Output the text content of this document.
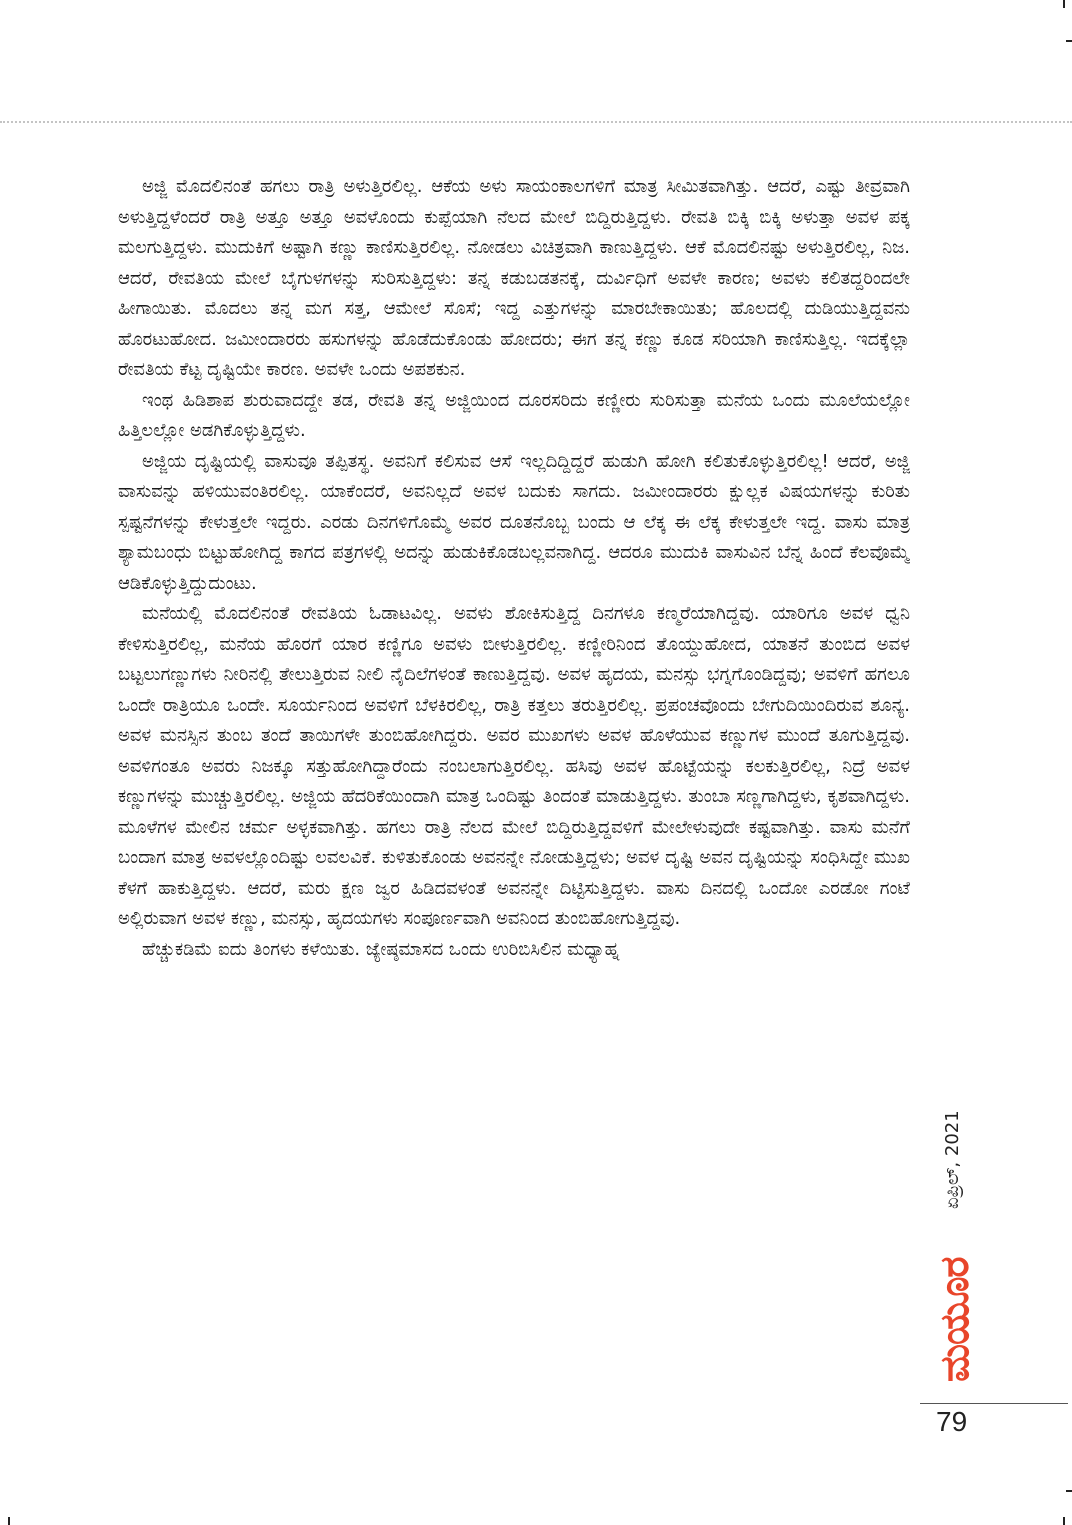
ಅಜ್ಜಿ ಮೊದಲಿನಂತೆ ಹಗಲು ರಾತ್ರಿ ಅಳುತ್ತಿರಲಿಲ್ಲ. ಆಕೆಯ ಅಳು ಸಾಯಂಕಾಲಗಳಿಗೆ ಮಾತ್ರ ಸೀಮಿತವಾಗಿತ್ತು. ಆದರೆ, ಎಷ್ಟು ತೀವ್ರವಾಗಿ ಅಳುತ್ತಿದ್ದಳೆಂದರೆ ರಾತ್ರಿ ಅತ್ತೂ ಅತ್ತೂ ಅವಳೊಂದು ಕುಪ್ಪೆಯಾಗಿ ನೆಲದ ಮೇಲೆ ಬಿದ್ದಿರುತ್ತಿದ್ದಳು. ರೇವತಿ ಬಿಕ್ಕಿ ಬಿಕ್ಕಿ ಅಳುತ್ತಾ ಅವಳ ಪಕ್ಕ ಮಲಗುತ್ತಿದ್ದಳು. ಮುದುಕಿಗೆ ಅಷ್ಟಾಗಿ ಕಣ್ಣು ಕಾಣಿಸುತ್ತಿರಲಿಲ್ಲ. ನೋಡಲು ವಿಚಿತ್ರವಾಗಿ ಕಾಣುತ್ತಿದ್ದಳು. ಆಕೆ ಮೊದಲಿನಷ್ಟು ಅಳುತ್ತಿರಲಿಲ್ಲ, ನಿಜ. ಆದರೆ, ರೇವತಿಯ ಮೇಲೆ ಬೈಗುಳಗಳನ್ನು ಸುರಿಸುತ್ತಿದ್ದಳು: ತನ್ನ ಕಡುಬಡತನಕ್ಕೆ, ದುರ್ವಿಧಿಗೆ ಅವಳೇ ಕಾರಣ; ಅವಳು ಕಲಿತದ್ದರಿಂದಲೇ ಹೀಗಾಯಿತು. ಮೊದಲು ತನ್ನ ಮಗ ಸತ್ತ, ಆಮೇಲೆ ಸೊಸೆ; ಇದ್ದ ಎತ್ತುಗಳನ್ನು ಮಾರಬೇಕಾಯಿತು; ಹೊಲದಲ್ಲಿ ದುಡಿಯುತ್ತಿದ್ದವನು ಹೊರಟುಹೋದ. ಜಮೀಂದಾರರು ಹಸುಗಳನ್ನು ಹೊಡೆದುಕೊಂಡು ಹೋದರು; ಈಗ ತನ್ನ ಕಣ್ಣು ಕೂಡ ಸರಿಯಾಗಿ ಕಾಣಿಸುತ್ತಿಲ್ಲ. ಇದಕ್ಕೆಲ್ಲಾ ರೇವತಿಯ ಕೆಟ್ಟ ದೃಷ್ಟಿಯೇ ಕಾರಣ. ಅವಳೇ ಒಂದು ಅಪಶಕುನ.

ಇಂಥ ಹಿಡಿಶಾಪ ಶುರುವಾದದ್ದೇ ತಡ, ರೇವತಿ ತನ್ನ ಅಜ್ಜಿಯಿಂದ ದೂರಸರಿದು ಕಣ್ಣೀರು ಸುರಿಸುತ್ತಾ ಮನೆಯ ಒಂದು ಮೂಲೆಯಲ್ಲೋ ಹಿತ್ತಿಲಲ್ಲೋ ಅಡಗಿಕೊಳ್ಳುತ್ತಿದ್ದಳು.

ಅಜ್ಜಿಯ ದೃಷ್ಟಿಯಲ್ಲಿ ವಾಸುವೂ ತಪ್ಪಿತಸ್ಥ. ಅವನಿಗೆ ಕಲಿಸುವ ಆಸೆ ಇಲ್ಲದಿದ್ದಿದ್ದರೆ ಹುಡುಗಿ ಹೋಗಿ ಕಲಿತುಕೊಳ್ಳುತ್ತಿರಲಿಲ್ಲ! ಆದರೆ, ಅಜ್ಜಿ ವಾಸುವನ್ನು ಹಳಿಯುವಂತಿರಲಿಲ್ಲ. ಯಾಕೆಂದರೆ, ಅವನಿಲ್ಲದೆ ಅವಳ ಬದುಕು ಸಾಗದು. ಜಮೀಂದಾರರು ಕ್ಷುಲ್ಲಕ ವಿಷಯಗಳನ್ನು ಕುರಿತು ಸ್ಪಷ್ಟನೆಗಳನ್ನು ಕೇಳುತ್ತಲೇ ಇದ್ದರು. ಎರಡು ದಿನಗಳಿಗೊಮ್ಮೆ ಅವರ ದೂತನೊಬ್ಬ ಬಂದು ಆ ಲೆಕ್ಕ ಈ ಲೆಕ್ಕ ಕೇಳುತ್ತಲೇ ಇದ್ದ. ವಾಸು ಮಾತ್ರ ಶ್ಯಾಮಬಂಧು ಬಿಟ್ಟುಹೋಗಿದ್ದ ಕಾಗದ ಪತ್ರಗಳಲ್ಲಿ ಅದನ್ನು ಹುಡುಕಿಕೊಡಬಲ್ಲವನಾಗಿದ್ದ. ಆದರೂ ಮುದುಕಿ ವಾಸುವಿನ ಬೆನ್ನ ಹಿಂದೆ ಕೆಲವೊಮ್ಮೆ ಆಡಿಕೊಳ್ಳುತ್ತಿದ್ದುದುಂಟು.

ಮನೆಯಲ್ಲಿ ಮೊದಲಿನಂತೆ ರೇವತಿಯ ಓಡಾಟವಿಲ್ಲ. ಅವಳು ಶೋಕಿಸುತ್ತಿದ್ದ ದಿನಗಳೂ ಕಣ್ಮರೆಯಾಗಿದ್ದವು. ಯಾರಿಗೂ ಅವಳ ಧ್ವನಿ ಕೇಳಿಸುತ್ತಿರಲಿಲ್ಲ, ಮನೆಯ ಹೊರಗೆ ಯಾರ ಕಣ್ಣಿಗೂ ಅವಳು ಬೀಳುತ್ತಿರಲಿಲ್ಲ. ಕಣ್ಣೀರಿನಿಂದ ತೊಯ್ದುಹೋದ, ಯಾತನೆ ತುಂಬಿದ ಅವಳ ಬಟ್ಟಲುಗಣ್ಣುಗಳು ನೀರಿನಲ್ಲಿ ತೇಲುತ್ತಿರುವ ನೀಲಿ ನೈದಿಲೆಗಳಂತೆ ಕಾಣುತ್ತಿದ್ದವು. ಅವಳ ಹೃದಯ, ಮನಸ್ಸು ಭಗ್ನಗೊಂಡಿದ್ದವು; ಅವಳಿಗೆ ಹಗಲೂ ಒಂದೇ ರಾತ್ರಿಯೂ ಒಂದೇ. ಸೂರ್ಯನಿಂದ ಅವಳಿಗೆ ಬೆಳಕಿರಲಿಲ್ಲ, ರಾತ್ರಿ ಕತ್ತಲು ತರುತ್ತಿರಲಿಲ್ಲ. ಪ್ರಪಂಚವೊಂದು ಬೇಗುದಿಯಿಂದಿರುವ ಶೂನ್ಯ. ಅವಳ ಮನಸ್ಸಿನ ತುಂಬ ತಂದೆ ತಾಯಿಗಳೇ ತುಂಬಿಹೋಗಿದ್ದರು. ಅವರ ಮುಖಗಳು ಅವಳ ಹೊಳೆಯುವ ಕಣ್ಣುಗಳ ಮುಂದೆ ತೂಗುತ್ತಿದ್ದವು. ಅವಳಿಗಂತೂ ಅವರು ನಿಜಕ್ಕೂ ಸತ್ತುಹೋಗಿದ್ದಾರೆಂದು ನಂಬಲಾಗುತ್ತಿರಲಿಲ್ಲ. ಹಸಿವು ಅವಳ ಹೊಟ್ಟೆಯನ್ನು ಕಲಕುತ್ತಿರಲಿಲ್ಲ, ನಿದ್ರೆ ಅವಳ ಕಣ್ಣುಗಳನ್ನು ಮುಚ್ಚುತ್ತಿರಲಿಲ್ಲ. ಅಜ್ಜಿಯ ಹೆದರಿಕೆಯಿಂದಾಗಿ ಮಾತ್ರ ಒಂದಿಷ್ಟು ತಿಂದಂತೆ ಮಾಡುತ್ತಿದ್ದಳು. ತುಂಬಾ ಸಣ್ಣಗಾಗಿದ್ದಳು, ಕೃಶವಾಗಿದ್ದಳು. ಮೂಳೆಗಳ ಮೇಲಿನ ಚರ್ಮ ಅಳ್ಳಕವಾಗಿತ್ತು. ಹಗಲು ರಾತ್ರಿ ನೆಲದ ಮೇಲೆ ಬಿದ್ದಿರುತ್ತಿದ್ದವಳಿಗೆ ಮೇಲೇಳುವುದೇ ಕಷ್ಟವಾಗಿತ್ತು. ವಾಸು ಮನೆಗೆ ಬಂದಾಗ ಮಾತ್ರ ಅವಳಲ್ಲೊಂದಿಷ್ಟು ಲವಲವಿಕೆ. ಕುಳಿತುಕೊಂಡು ಅವನನ್ನೇ ನೋಡುತ್ತಿದ್ದಳು; ಅವಳ ದೃಷ್ಟಿ ಅವನ ದೃಷ್ಟಿಯನ್ನು ಸಂಧಿಸಿದ್ದೇ ಮುಖ ಕೆಳಗೆ ಹಾಕುತ್ತಿದ್ದಳು. ಆದರೆ, ಮರು ಕ್ಷಣ ಜ್ವರ ಹಿಡಿದವಳಂತೆ ಅವನನ್ನೇ ದಿಟ್ಟಿಸುತ್ತಿದ್ದಳು. ವಾಸು ದಿನದಲ್ಲಿ ಒಂದೋ ಎರಡೋ ಗಂಟೆ ಅಲ್ಲಿರುವಾಗ ಅವಳ ಕಣ್ಣು, ಮನಸ್ಸು, ಹೃದಯಗಳು ಸಂಪೂರ್ಣವಾಗಿ ಅವನಿಂದ ತುಂಬಿಹೋಗುತ್ತಿದ್ದವು.

ಹೆಚ್ಚುಕಡಿಮೆ ಐದು ತಿಂಗಳು ಕಳೆಯಿತು. ಜ್ಯೇಷ್ಠಮಾಸದ ಒಂದು ಉರಿಬಿಸಿಲಿನ ಮಧ್ಯಾಹ್ನ

ಏಪ್ರಿಲ್, 2021
ಮಯೂರ
79
